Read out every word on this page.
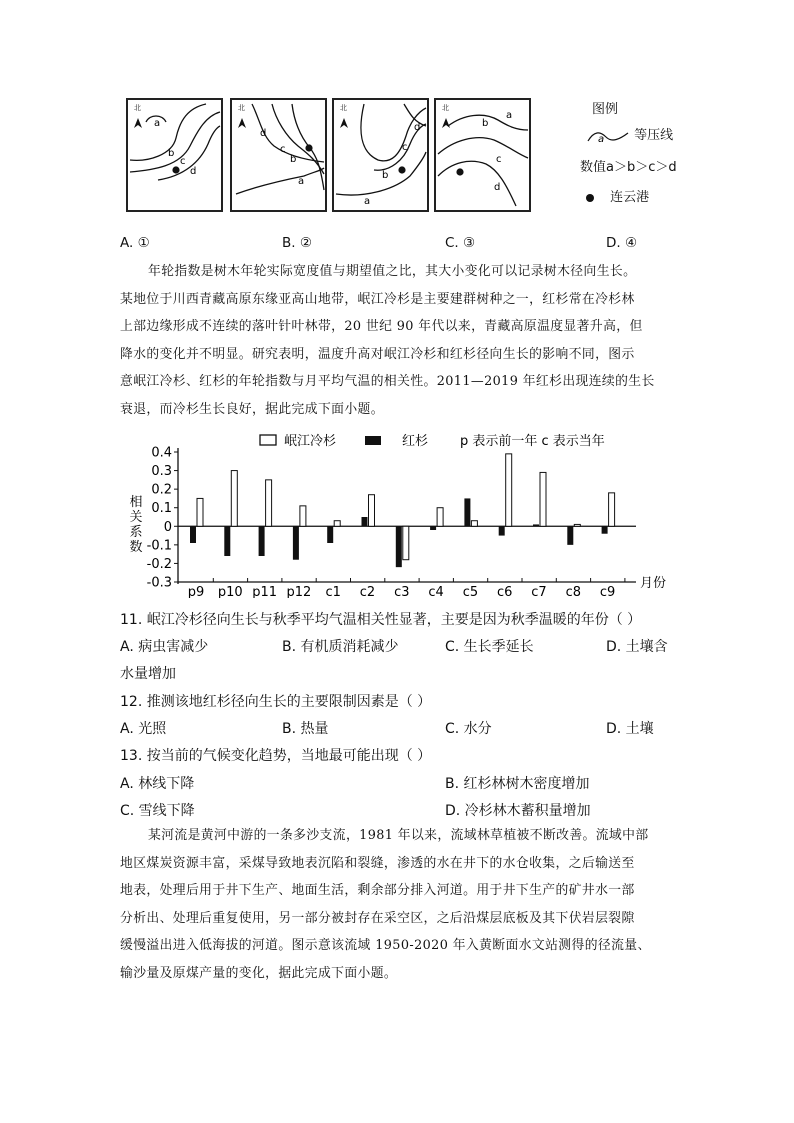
北
a
b
c
d
北
d
c
b
a
北
d
c
b
a
北
a
b
c
d
图例
a 等压线
数值a＞b＞c＞d
连云港
A. ①	B. ②	C. ③	D. ④
年轮指数是树木年轮实际宽度值与期望值之比，其大小变化可以记录树木径向生长。
某地位于川西青藏高原东缘亚高山地带，岷江冷杉是主要建群树种之一，红杉常在冷杉林
上部边缘形成不连续的落叶针叶林带，20 世纪 90 年代以来，青藏高原温度显著升高，但
降水的变化并不明显。研究表明，温度升高对岷江冷杉和红杉径向生长的影响不同，图示
意岷江冷杉、红杉的年轮指数与月平均气温的相关性。2011—2019 年红杉出现连续的生长
衰退，而冷杉生长良好，据此完成下面小题。
岷江冷杉	红杉 p 表示前一年 c 表示当年
0.4
0.3
0.2
0.1
0
-0.1
-0.2
-0.3
相关系数
p9 p10 p11 p12 c1 c2 c3 c4 c5 c6 c7 c8 c9
月份
11. 岷江冷杉径向生长与秋季平均气温相关性显著，主要是因为秋季温暖的年份（ ）
A. 病虫害减少	B. 有机质消耗减少	C. 生长季延长	D. 土壤含
水量增加
12. 推测该地红杉径向生长的主要限制因素是（ ）
A. 光照	B. 热量	C. 水分	D. 土壤
13. 按当前的气候变化趋势，当地最可能出现（ ）
A. 林线下降	B. 红杉林树木密度增加
C. 雪线下降	D. 冷杉林木蓄积量增加
某河流是黄河中游的一条多沙支流，1981 年以来，流域林草植被不断改善。流域中部
地区煤炭资源丰富，采煤导致地表沉陷和裂缝，渗透的水在井下的水仓收集，之后输送至
地表，处理后用于井下生产、地面生活，剩余部分排入河道。用于井下生产的矿井水一部
分析出、处理后重复使用，另一部分被封存在采空区，之后沿煤层底板及其下伏岩层裂隙
缓慢溢出进入低海拔的河道。图示意该流域 1950-2020 年入黄断面水文站测得的径流量、
输沙量及原煤产量的变化，据此完成下面小题。
